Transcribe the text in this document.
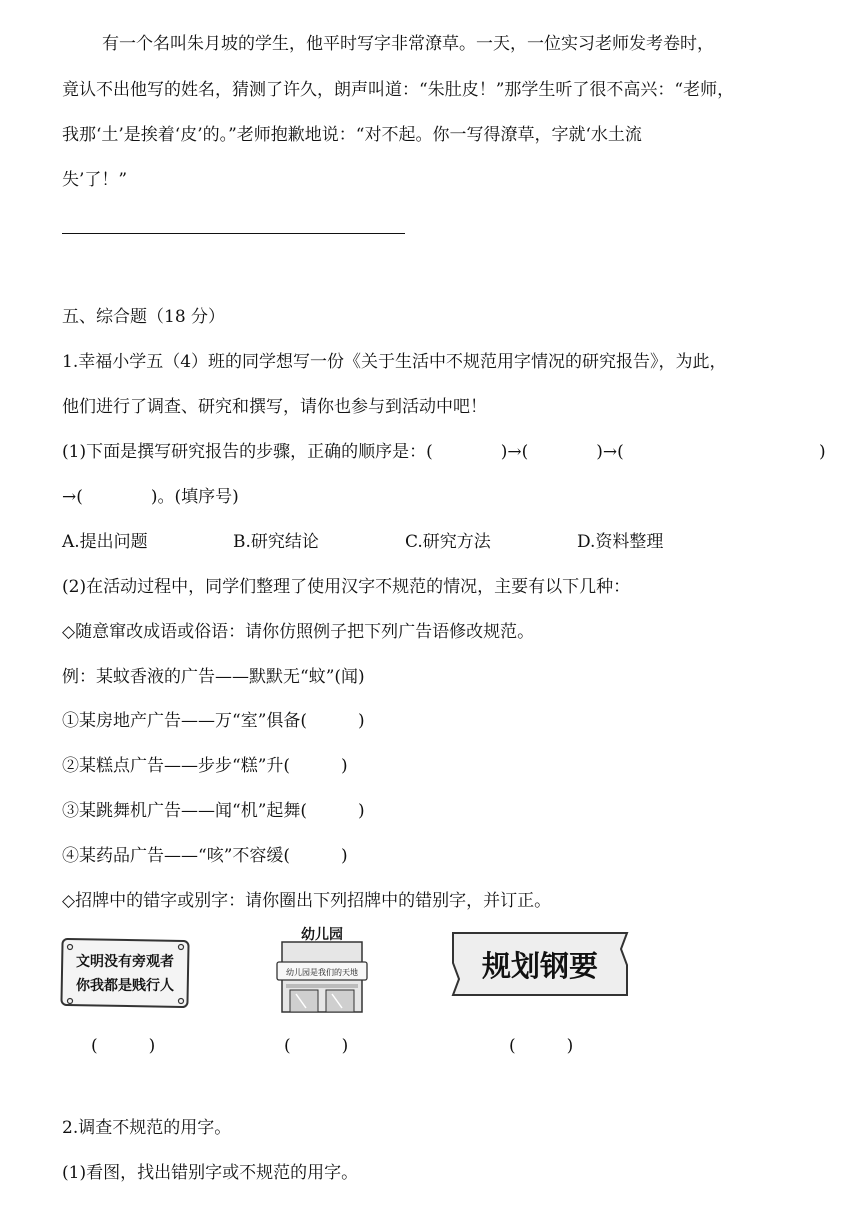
有一个名叫朱月坡的学生，他平时写字非常潦草。一天，一位实习老师发考卷时，
竟认不出他写的姓名，猜测了许久，朗声叫道：“朱肚皮！”那学生听了很不高兴：“老师，
我那‘土’是挨着‘皮’的。”老师抱歉地说：“对不起。你一写得潦草，字就‘水土流
失’了！”
五、综合题（18 分）
1.幸福小学五（4）班的同学想写一份《关于生活中不规范用字情况的研究报告》，为此，
他们进行了调查、研究和撰写，请你也参与到活动中吧！
(1)下面是撰写研究报告的步骤，正确的顺序是：(　　　　)→(　　　　)→(	)
→(　　　　)。(填序号)
A.提出问题	B.研究结论	C.研究方法	D.资料整理
(2)在活动过程中，同学们整理了使用汉字不规范的情况，主要有以下几种：
◇随意窜改成语或俗语：请你仿照例子把下列广告语修改规范。
例：某蚊香液的广告——默默无“蚊”(闻)
①某房地产广告——万“室”俱备(　　　)
②某糕点广告——步步“糕”升(　　　)
③某跳舞机广告——闻“机”起舞(　　　)
④某药品广告——“咳”不容缓(　　　)
◇招牌中的错字或别字：请你圈出下列招牌中的错别字，并订正。
文明没有旁观者
你我都是贱行人
幼儿园
幼儿园是我们的天地	规划钢要
(　　　)	(　　　)	(　　　)
2.调查不规范的用字。
(1)看图，找出错别字或不规范的用字。
